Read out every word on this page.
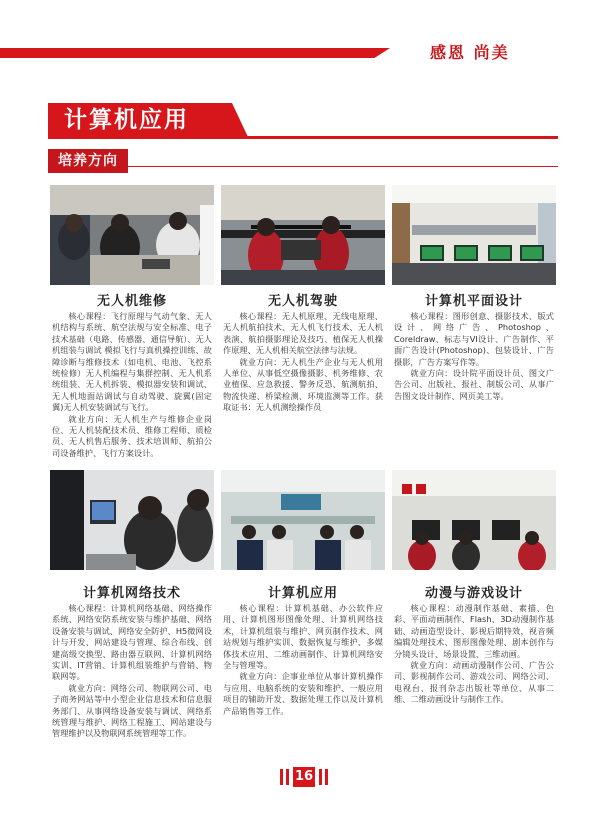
感恩 尚美
计算机应用
培养方向
无人机维修

核心课程：飞行原理与气动气象、无人机结构与系统、航空法规与安全标准、电子技术基础（电路、传感器、通信导航）、无人机组装与调试 模拟飞行与真机操控训练、故障诊断与维修技术（如电机、电池、飞控系统检修）无人机编程与集群控制、无人机系统组装、无人机拆装、模拟器安装和调试、无人机地面站调试与自动驾驶、旋翼(固定翼)无人机安装调试与飞行。

就业方向：无人机生产与维修企业岗位、无人机装配技术员、维修工程师、质检员、无人机售后服务、技术培训师、航拍公司设备维护、飞行方案设计。

无人机驾驶

核心课程：无人机原理、无线电原理、无人机航拍技术、无人机飞行技术、无人机表演、航拍摄影理论及技巧、植保无人机操作原理、无人机相关航空法律与法规。

就业方向：无人机生产企业与无人机用人单位、从事低空摄像摄影、机务维修、农业植保、应急救援、警务反恐、航测航拍、物流快递、桥梁检测、环境监测等工作。获取证书：无人机测绘操作员

计算机平面设计

核心课程：图形创意、摄影技术、版式设计、网络广告、Photoshop、Coreldraw、标志与VI设计、广告制作、平面广告设计(Photoshop)、包装设计、广告摄影，广告方案写作等。

就业方向：设计院平面设计员、图文广告公司、出版社、报社、制版公司、从事广告图文设计制作、网页美工等。

计算机网络技术

核心课程：计算机网络基础、网络操作系统、网络安防系统安装与维护基础、网络设备安装与调试、网络安全防护、H5微网设计与开发、网站建设与管理、综合布线、创建高级交换型、路由器互联网、计算机网络实训、IT营销、计算机组装维护与营销、物联网等。

就业方向：网络公司、物联网公司、电子商务网站等中小型企业信息技术和信息服务部门、从事网络设备安装与调试、网络系统管理与维护、网络工程施工、网站建设与管理维护以及物联网系统管理等工作。

计算机应用

核心课程：计算机基础、办公软件应用、计算机图形图像处理、计算机网络技术，计算机组装与维护、网页制作技术、网站规划与维护实训、数据恢复与维护、多媒体技术应用、二维动画制作、计算机网络安全与管理等。

就业方向：企事业单位从事计算机操作与应用、电脑系统的安装和维护、一般应用项目的辅助开发、数据处理工作以及计算机产品销售等工作。

动漫与游戏设计

核心课程：动漫制作基础、素描、色彩、平面动画制作、Flash、3D动漫制作基础、动画造型设计、影视后期特效，视音频编辑处理技术、图形图像处理、剧本创作与分镜头设计、场景设置、三维动画。

就业方向：动画动漫制作公司、广告公司、影视制作公司、游戏公司、网络公司、电视台、报刊杂志出版社等单位、从事二维、二维动画设计与制作工作。

16
